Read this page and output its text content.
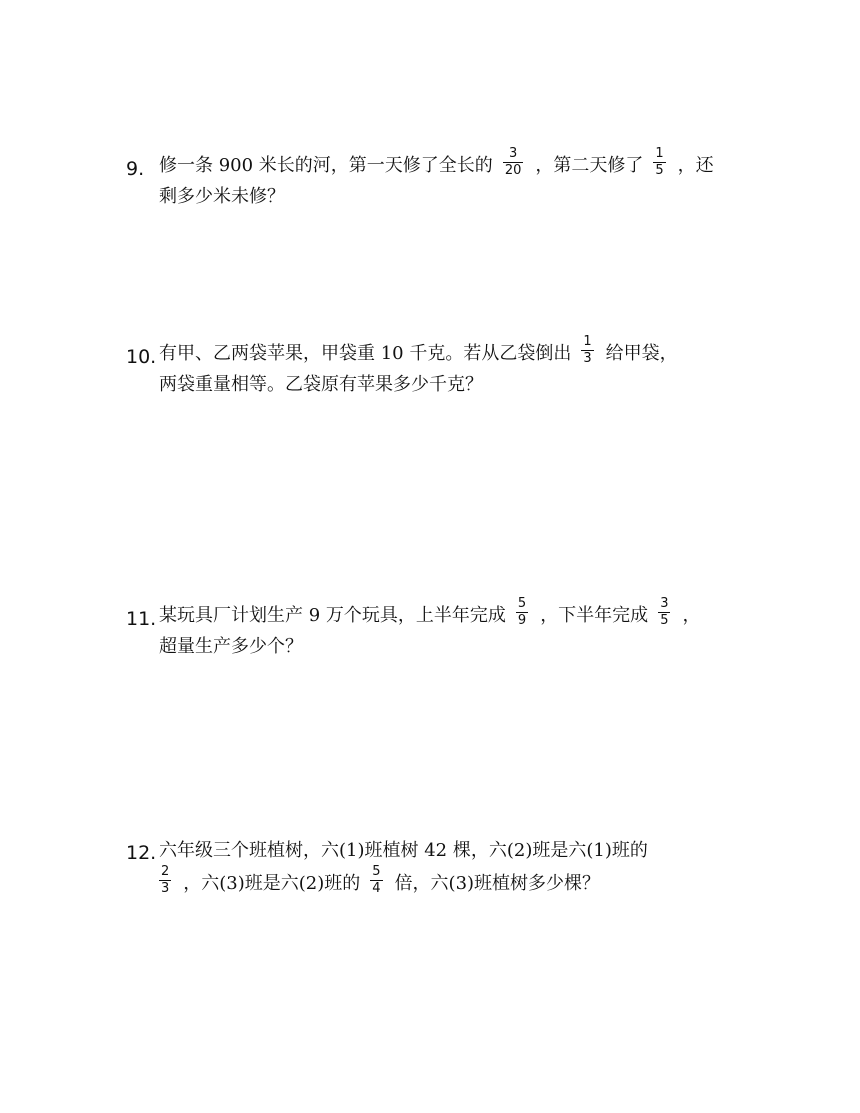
9. 修一条 900 米长的河，第一天修了全长的 $\frac{3}{20}$ ，第二天修了 $\frac{1}{5}$ ，还
剩多少米未修？
10. 有甲、乙两袋苹果，甲袋重 10 千克。若从乙袋倒出 $\frac{1}{3}$ 给甲袋，
两袋重量相等。乙袋原有苹果多少千克？
11. 某玩具厂计划生产 9 万个玩具，上半年完成 $\frac{5}{9}$ ，下半年完成 $\frac{3}{5}$ ，
超量生产多少个？
12. 六年级三个班植树，六(1)班植树 42 棵，六(2)班是六(1)班的
$\frac{2}{3}$ ，六(3)班是六(2)班的 $\frac{5}{4}$ 倍，六(3)班植树多少棵？
